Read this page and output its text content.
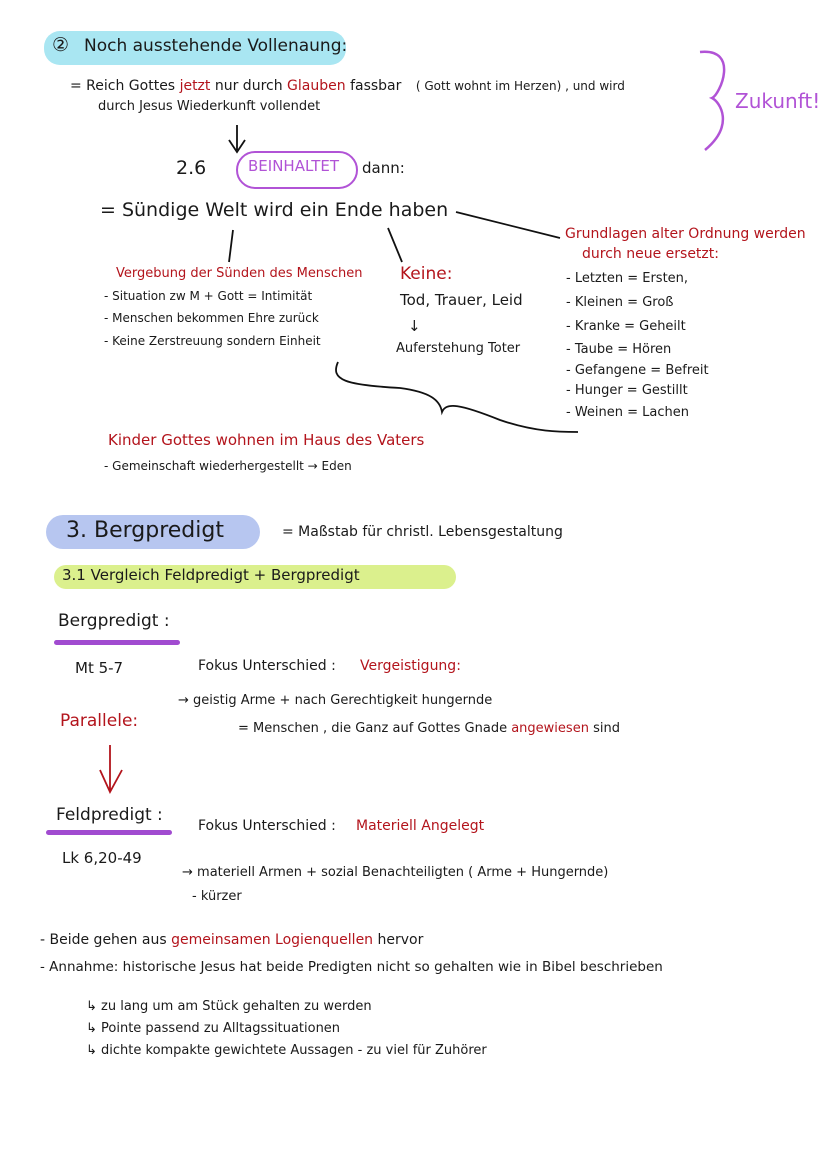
② Noch ausstehende Vollenaung:
= Reich Gottes jetzt nur durch Glauben fassbar ( Gott wohnt im Herzen) , und wird
durch Jesus Wiederkunft vollendet	Zukunft!
2.6	BEINHALTET dann:
= Sündige Welt wird ein Ende haben
Vergebung der Sünden des Menschen
- Situation zw M + Gott = Intimität
- Menschen bekommen Ehre zurück
- Keine Zerstreuung sondern Einheit
Keine:
Tod, Trauer, Leid
↓
Auferstehung Toter
Grundlagen alter Ordnung werden
durch neue ersetzt:
- Letzten = Ersten,
- Kleinen = Groß
- Kranke = Geheilt
- Taube = Hören
- Gefangene = Befreit
- Hunger = Gestillt
- Weinen = Lachen
Kinder Gottes wohnen im Haus des Vaters
- Gemeinschaft wiederhergestellt → Eden
3. Bergpredigt	= Maßstab für christl. Lebensgestaltung
3.1 Vergleich Feldpredigt + Bergpredigt
Bergpredigt :
Mt 5-7	Fokus Unterschied : Vergeistigung:
→ geistig Arme + nach Gerechtigkeit hungernde
= Menschen , die Ganz auf Gottes Gnade angewiesen sind
Parallele:
Feldpredigt :
Lk 6,20-49
Fokus Unterschied : Materiell Angelegt
→ materiell Armen + sozial Benachteiligten ( Arme + Hungernde)
- kürzer
- Beide gehen aus gemeinsamen Logienquellen hervor
- Annahme: historische Jesus hat beide Predigten nicht so gehalten wie in Bibel beschrieben
↳ zu lang um am Stück gehalten zu werden
↳ Pointe passend zu Alltagssituationen
↳ dichte kompakte gewichtete Aussagen - zu viel für Zuhörer
